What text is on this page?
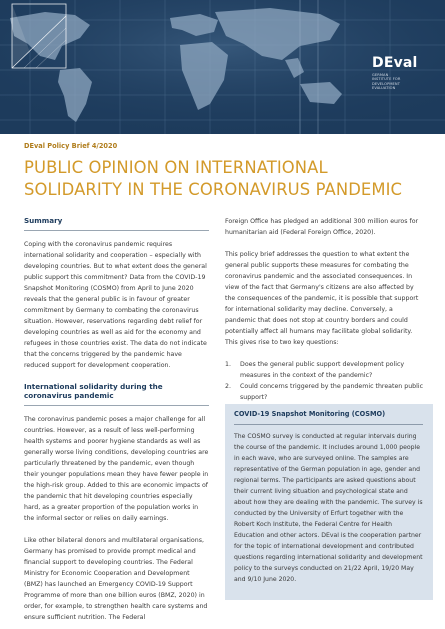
DEval
GERMAN
INSTITUTE FOR
DEVELOPMENT
EVALUATION
DEval Policy Brief 4/2020
PUBLIC OPINION ON INTERNATIONAL
SOLIDARITY IN THE CORONAVIRUS PANDEMIC
Summary

Coping with the coronavirus pandemic requires international solidarity and cooperation – especially with developing countries. But to what extent does the general public support this commitment? Data from the COVID-19 Snapshot Monitoring (COSMO) from April to June 2020 reveals that the general public is in favour of greater commitment by Germany to combating the coronavirus situation. However, reservations regarding debt relief for developing countries as well as aid for the economy and refugees in those countries exist. The data do not indicate that the concerns triggered by the pandemic have reduced support for development cooperation.

International solidarity during the coronavirus pandemic

The coronavirus pandemic poses a major challenge for all countries. However, as a result of less well-performing health systems and poorer hygiene standards as well as generally worse living conditions, developing countries are particularly threatened by the pandemic, even though their younger populations mean they have fewer people in the high-risk group. Added to this are economic impacts of the pandemic that hit developing countries especially hard, as a greater proportion of the population works in the informal sector or relies on daily earnings.

Like other bilateral donors and multilateral organisations, Germany has promised to provide prompt medical and financial support to developing countries. The Federal Ministry for Economic Cooperation and Development (BMZ) has launched an Emergency COVID-19 Support Programme of more than one billion euros (BMZ, 2020) in order, for example, to strengthen health care systems and ensure sufficient nutrition. The Federal

Foreign Office has pledged an additional 300 million euros for humanitarian aid (Federal Foreign Office, 2020).

This policy brief addresses the question to what extent the general public supports these measures for combating the coronavirus pandemic and the associated consequences. In view of the fact that Germany's citizens are also affected by the consequences of the pandemic, it is possible that support for international solidarity may decline. Conversely, a pandemic that does not stop at country borders and could potentially affect all humans may facilitate global solidarity. This gives rise to two key questions:

1.	Does the general public support development policy measures in the context of the pandemic?
2.	Could concerns triggered by the pandemic threaten public support?
COVID-19 Snapshot Monitoring (COSMO)
The COSMO survey is conducted at regular intervals during the course of the pandemic. It includes around 1,000 people in each wave, who are surveyed online. The samples are representative of the German population in age, gender and regional terms. The participants are asked questions about their current living situation and psychological state and about how they are dealing with the pandemic. The survey is conducted by the University of Erfurt together with the Robert Koch Institute, the Federal Centre for Health Education and other actors. DEval is the cooperation partner for the topic of international development and contributed questions regarding international solidarity and development policy to the surveys conducted on 21/22 April, 19/20 May and 9/10 June 2020.
